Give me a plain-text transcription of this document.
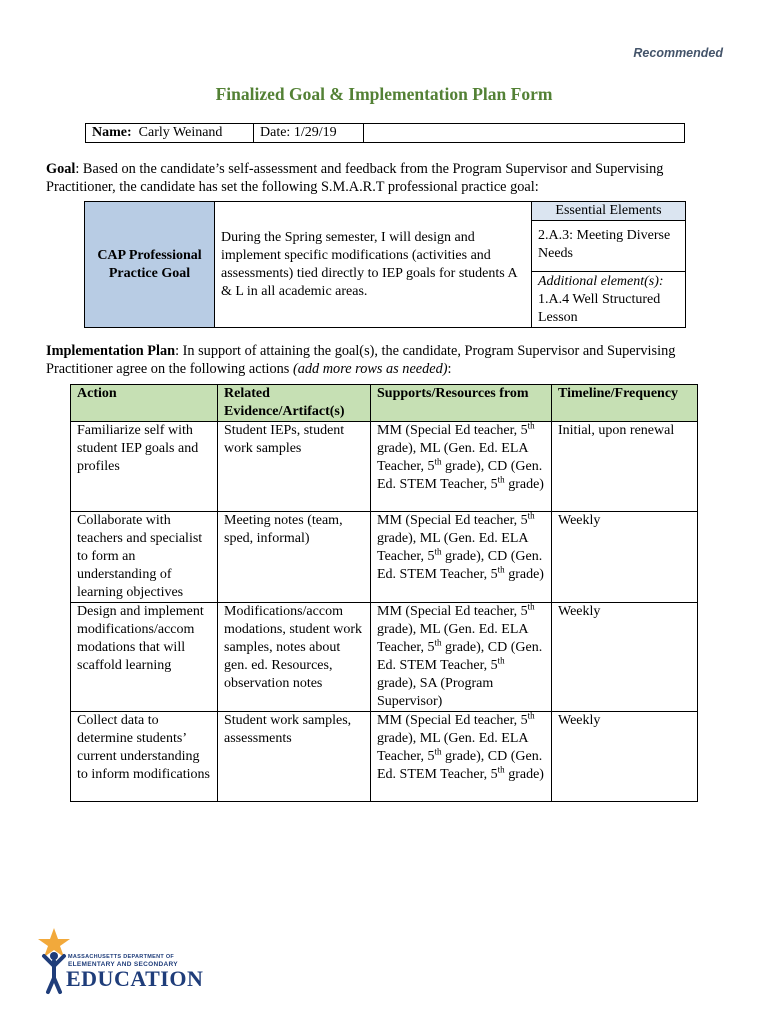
Recommended
Finalized Goal & Implementation Plan Form
Name: Carly Weinand	Date: 1/29/19	
Goal: Based on the candidate’s self-assessment and feedback from the Program Supervisor and Supervising Practitioner, the candidate has set the following S.M.A.R.T professional practice goal:
CAP Professional Practice Goal	During the Spring semester, I will design and implement specific modifications (activities and assessments) tied directly to IEP goals for students A & L in all academic areas.	Essential Elements
2.A.3: Meeting Diverse Needs
Additional element(s):
1.A.4 Well Structured Lesson
Implementation Plan: In support of attaining the goal(s), the candidate, Program Supervisor and Supervising Practitioner agree on the following actions (add more rows as needed):
Action	Related Evidence/Artifact(s)	Supports/Resources from	Timeline/Frequency
Familiarize self with student IEP goals and profiles	Student IEPs, student work samples	MM (Special Ed teacher, 5th grade), ML (Gen. Ed. ELA Teacher, 5th grade), CD (Gen. Ed. STEM Teacher, 5th grade)	Initial, upon renewal
Collaborate with teachers and specialist to form an understanding of learning objectives	Meeting notes (team, sped, informal)	MM (Special Ed teacher, 5th grade), ML (Gen. Ed. ELA Teacher, 5th grade), CD (Gen. Ed. STEM Teacher, 5th grade)	Weekly
Design and implement modifications/accom modations that will scaffold learning	Modifications/accom modations, student work samples, notes about gen. ed. Resources, observation notes	MM (Special Ed teacher, 5th grade), ML (Gen. Ed. ELA Teacher, 5th grade), CD (Gen. Ed. STEM Teacher, 5th grade), SA (Program Supervisor)	Weekly
Collect data to determine students’ current understanding to inform modifications	Student work samples, assessments	MM (Special Ed teacher, 5th grade), ML (Gen. Ed. ELA Teacher, 5th grade), CD (Gen. Ed. STEM Teacher, 5th grade)	Weekly
MASSACHUSETTS DEPARTMENT OF
ELEMENTARY AND SECONDARY
EDUCATION
